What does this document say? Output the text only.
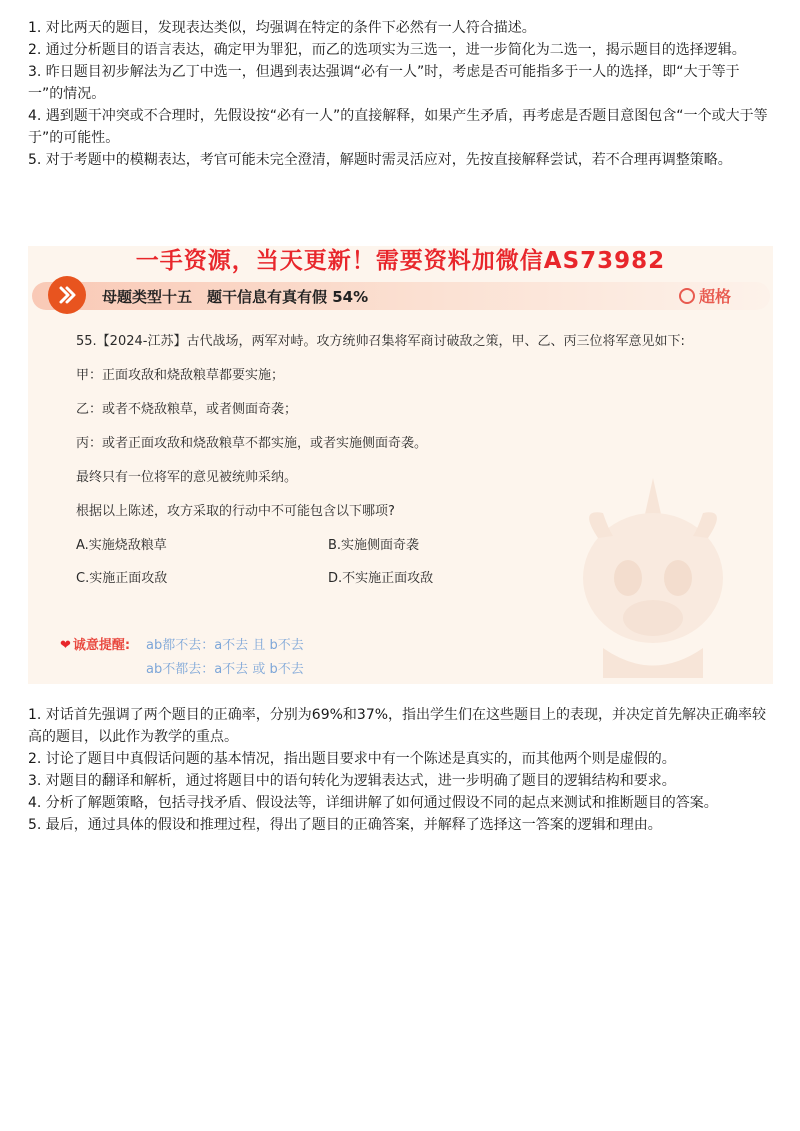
1. 对比两天的题目，发现表达类似，均强调在特定的条件下必然有一人符合描述。

2. 通过分析题目的语言表达，确定甲为罪犯，而乙的选项实为三选一，进一步简化为二选一，揭示题目的选择逻辑。

3. 昨日题目初步解法为乙丁中选一，但遇到表达强调“必有一人”时，考虑是否可能指多于一人的选择，即“大于等于一”的情况。

4. 遇到题干冲突或不合理时，先假设按“必有一人”的直接解释，如果产生矛盾，再考虑是否题目意图包含“一个或大于等于”的可能性。

5. 对于考题中的模糊表达，考官可能未完全澄清，解题时需灵活应对，先按直接解释尝试，若不合理再调整策略。

一手资源，当天更新！需要资料加微信AS73982
母题类型十五　题干信息有真有假 54%	超格
55.【2024-江苏】古代战场，两军对峙。攻方统帅召集将军商讨破敌之策，甲、乙、丙三位将军意见如下:
甲：正面攻敌和烧敌粮草都要实施；
乙：或者不烧敌粮草，或者侧面奇袭；
丙：或者正面攻敌和烧敌粮草不都实施，或者实施侧面奇袭。
最终只有一位将军的意见被统帅采纳。
根据以上陈述，攻方采取的行动中不可能包含以下哪项?
A.实施烧敌粮草	B.实施侧面奇袭
C.实施正面攻敌	D.不实施正面攻敌
❤ 诚意提醒: ab都不去：a不去 且 b不去
ab不都去：a不去 或 b不去

1. 对话首先强调了两个题目的正确率，分别为69%和37%，指出学生们在这些题目上的表现，并决定首先解决正确率较高的题目，以此作为教学的重点。

2. 讨论了题目中真假话问题的基本情况，指出题目要求中有一个陈述是真实的，而其他两个则是虚假的。

3. 对题目的翻译和解析，通过将题目中的语句转化为逻辑表达式，进一步明确了题目的逻辑结构和要求。

4. 分析了解题策略，包括寻找矛盾、假设法等，详细讲解了如何通过假设不同的起点来测试和推断题目的答案。

5. 最后，通过具体的假设和推理过程，得出了题目的正确答案，并解释了选择这一答案的逻辑和理由。
